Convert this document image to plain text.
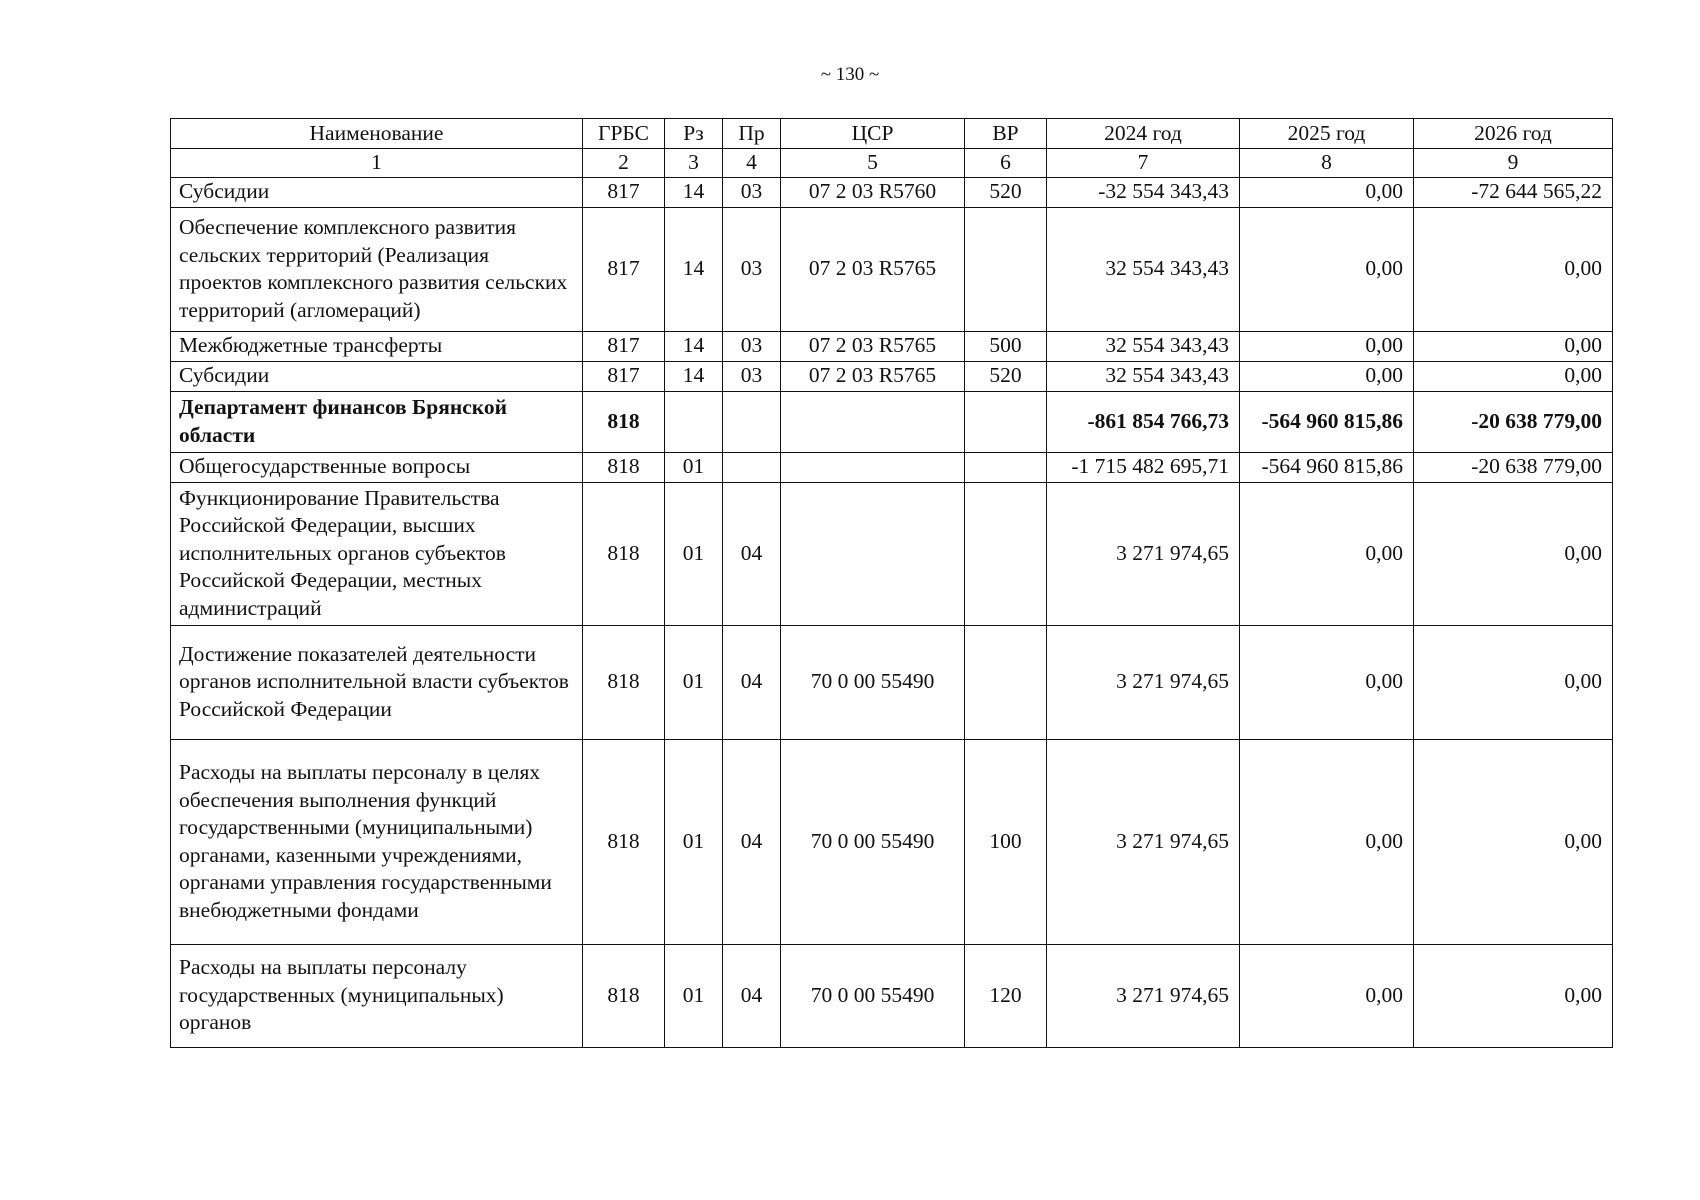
~ 130 ~
Наименование	ГРБС	Рз	Пр	ЦСР	ВР	2024 год	2025 год	2026 год
1	2	3	4	5	6	7	8	9
Субсидии	817	14	03	07 2 03 R5760	520	-32 554 343,43	0,00	-72 644 565,22
Обеспечение комплексного развития сельских территорий (Реализация проектов комплексного развития сельских территорий (агломераций)	817	14	03	07 2 03 R5765		32 554 343,43	0,00	0,00
Межбюджетные трансферты	817	14	03	07 2 03 R5765	500	32 554 343,43	0,00	0,00
Субсидии	817	14	03	07 2 03 R5765	520	32 554 343,43	0,00	0,00
Департамент финансов Брянской области	818					-861 854 766,73	-564 960 815,86	-20 638 779,00
Общегосударственные вопросы	818	01				-1 715 482 695,71	-564 960 815,86	-20 638 779,00
Функционирование Правительства Российской Федерации, высших исполнительных органов субъектов Российской Федерации, местных администраций	818	01	04			3 271 974,65	0,00	0,00
Достижение показателей деятельности органов исполнительной власти субъектов Российской Федерации	818	01	04	70 0 00 55490		3 271 974,65	0,00	0,00
Расходы на выплаты персоналу в целях обеспечения выполнения функций государственными (муниципальными) органами, казенными учреждениями, органами управления государственными внебюджетными фондами	818	01	04	70 0 00 55490	100	3 271 974,65	0,00	0,00
Расходы на выплаты персоналу государственных (муниципальных) органов	818	01	04	70 0 00 55490	120	3 271 974,65	0,00	0,00
